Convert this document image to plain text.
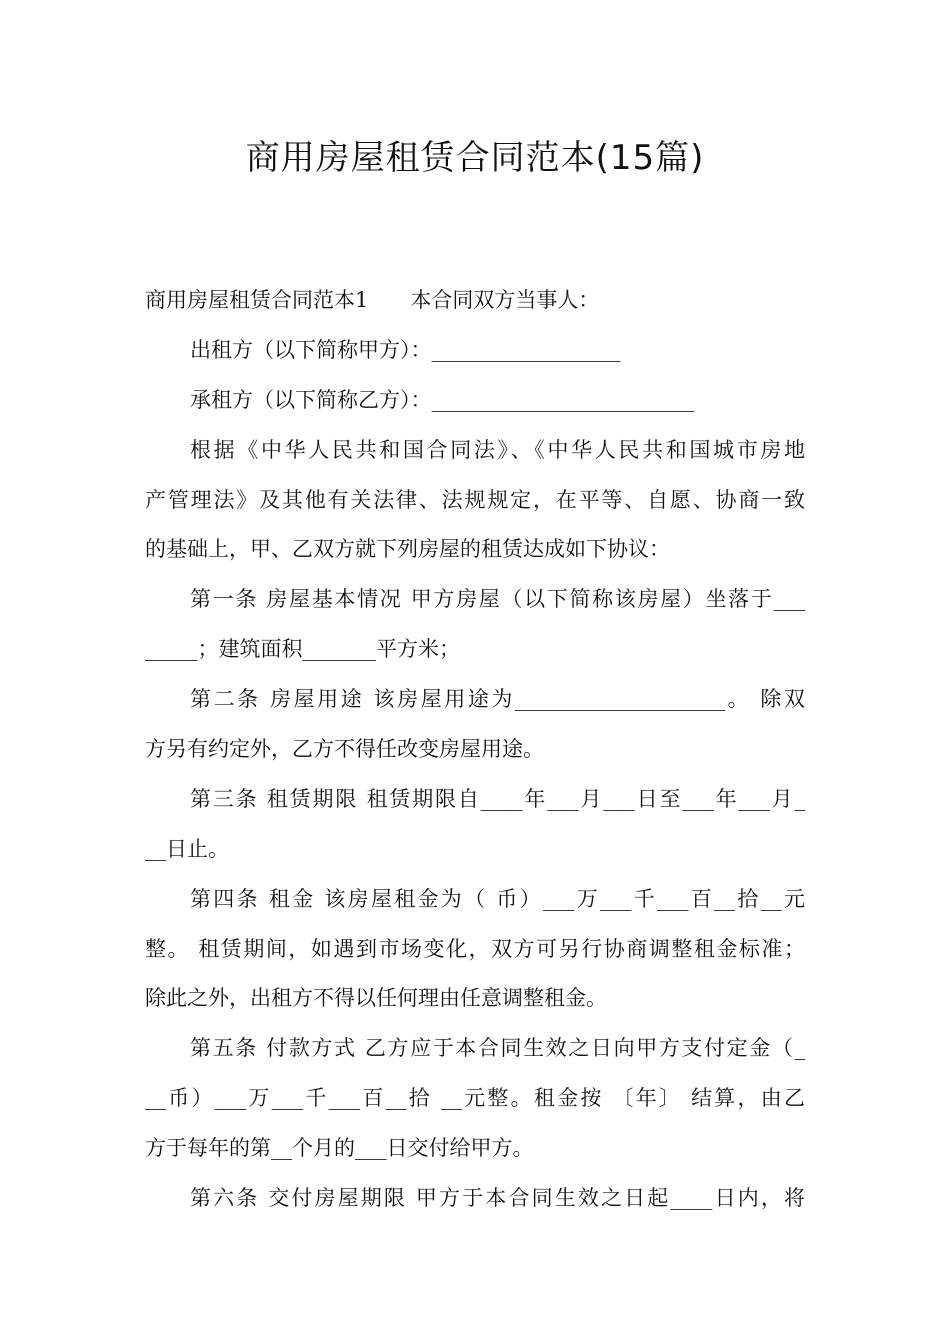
商用房屋租赁合同范本(15篇)
商用房屋租赁合同范本1　　本合同双方当事人：
出租方（以下简称甲方）：__________________
承租方（以下简称乙方）：_________________________
根据《中华人民共和国合同法》、《中华人民共和国城市房地
产管理法》及其他有关法律、法规规定，在平等、自愿、协商一致
的基础上，甲、乙双方就下列房屋的租赁达成如下协议：
第一条 房屋基本情况 甲方房屋（以下简称该房屋）坐落于___
_____；建筑面积_______平方米；
第二条 房屋用途 该房屋用途为____________________。 除双
方另有约定外，乙方不得任改变房屋用途。
第三条 租赁期限 租赁期限自____年___月___日至___年___月_
__日止。
第四条 租金 该房屋租金为（ 币）___万___千___百__拾__元
整。 租赁期间，如遇到市场变化，双方可另行协商调整租金标准；
除此之外，出租方不得以任何理由任意调整租金。
第五条 付款方式 乙方应于本合同生效之日向甲方支付定金（_
__币）___万___千___百__拾 __元整。租金按 〔年〕 结算，由乙
方于每年的第__个月的___日交付给甲方。
第六条 交付房屋期限 甲方于本合同生效之日起____日内，将
